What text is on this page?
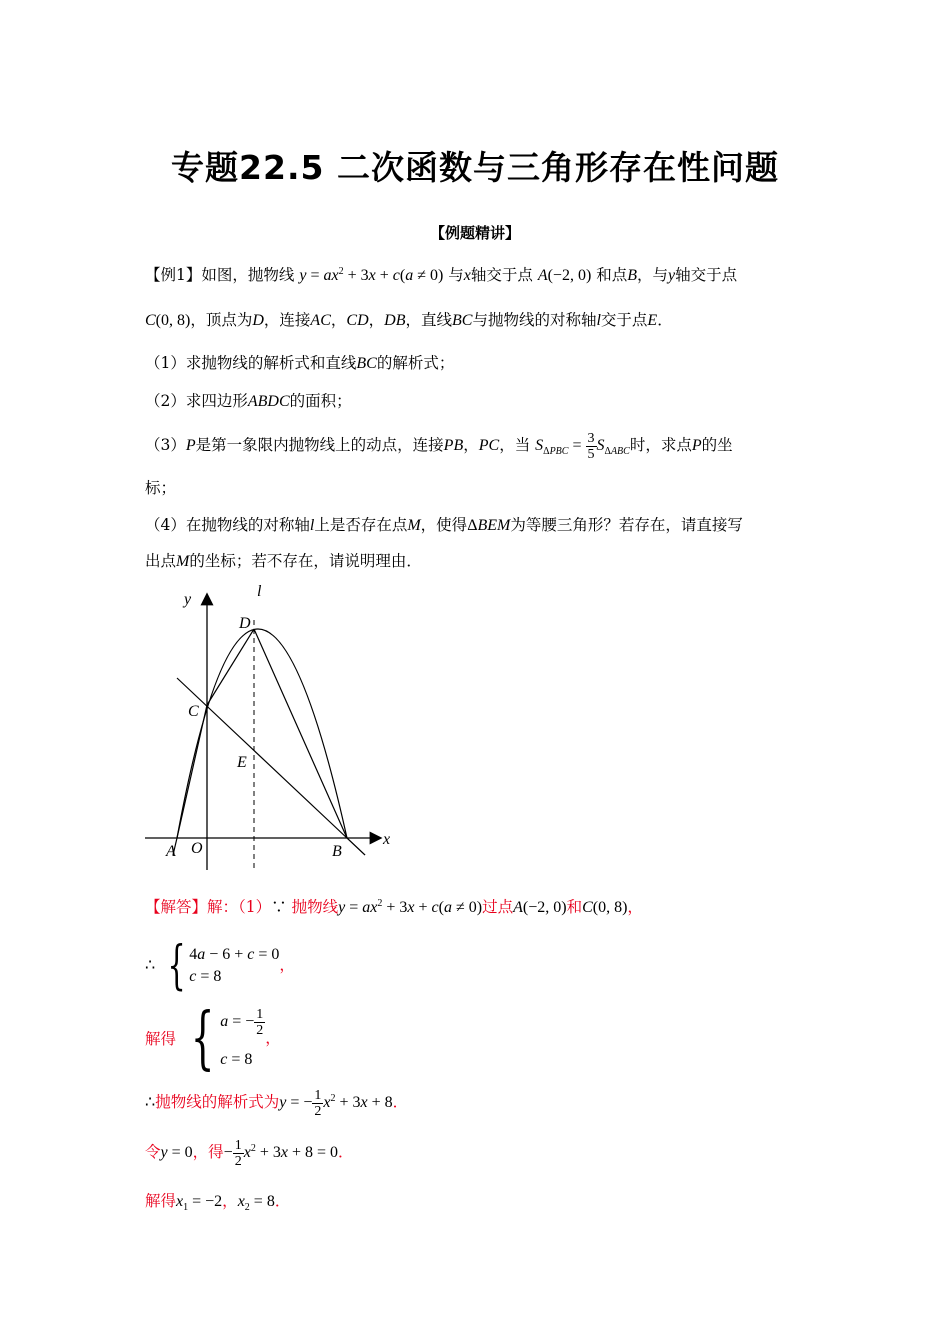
专题22.5 二次函数与三角形存在性问题
【例题精讲】
【例1】如图，抛物线 $y = ax^2 + 3x + c(a \ne 0)$ 与x轴交于点 A(−2, 0) 和点B，与y轴交于点
C(0, 8)，顶点为D，连接AC，CD，DB，直线BC与抛物线的对称轴l交于点E．
（1）求抛物线的解析式和直线BC的解析式；
（2）求四边形ABDC的面积；
（3）P是第一象限内抛物线上的动点，连接PB，PC，当 $S_{\Delta PBC} = \frac{3}{5} S_{\Delta ABC}$时，求点P的坐
标；
（4）在抛物线的对称轴l上是否存在点M，使得ΔBEM为等腰三角形？若存在，请直接写
出点M的坐标；若不存在，请说明理由．
y	l
x
D
C
E
A O	B
【解答】解：（1）∵ 抛物线$y = ax^2 + 3x + c(a \ne 0)$过点A(−2, 0)和C(0, 8)，
∴ { 4a − 6 + c = 0
c = 8
，
解得 { a = − $\frac{1}{2}$
c = 8
，
∴抛物线的解析式为y = − $\frac{1}{2} x^2 + 3x + 8$．
令y = 0，得− $\frac{1}{2} x^2 + 3x + 8 = 0$．
解得$x_1 = -2$，$x_2 = 8$．
